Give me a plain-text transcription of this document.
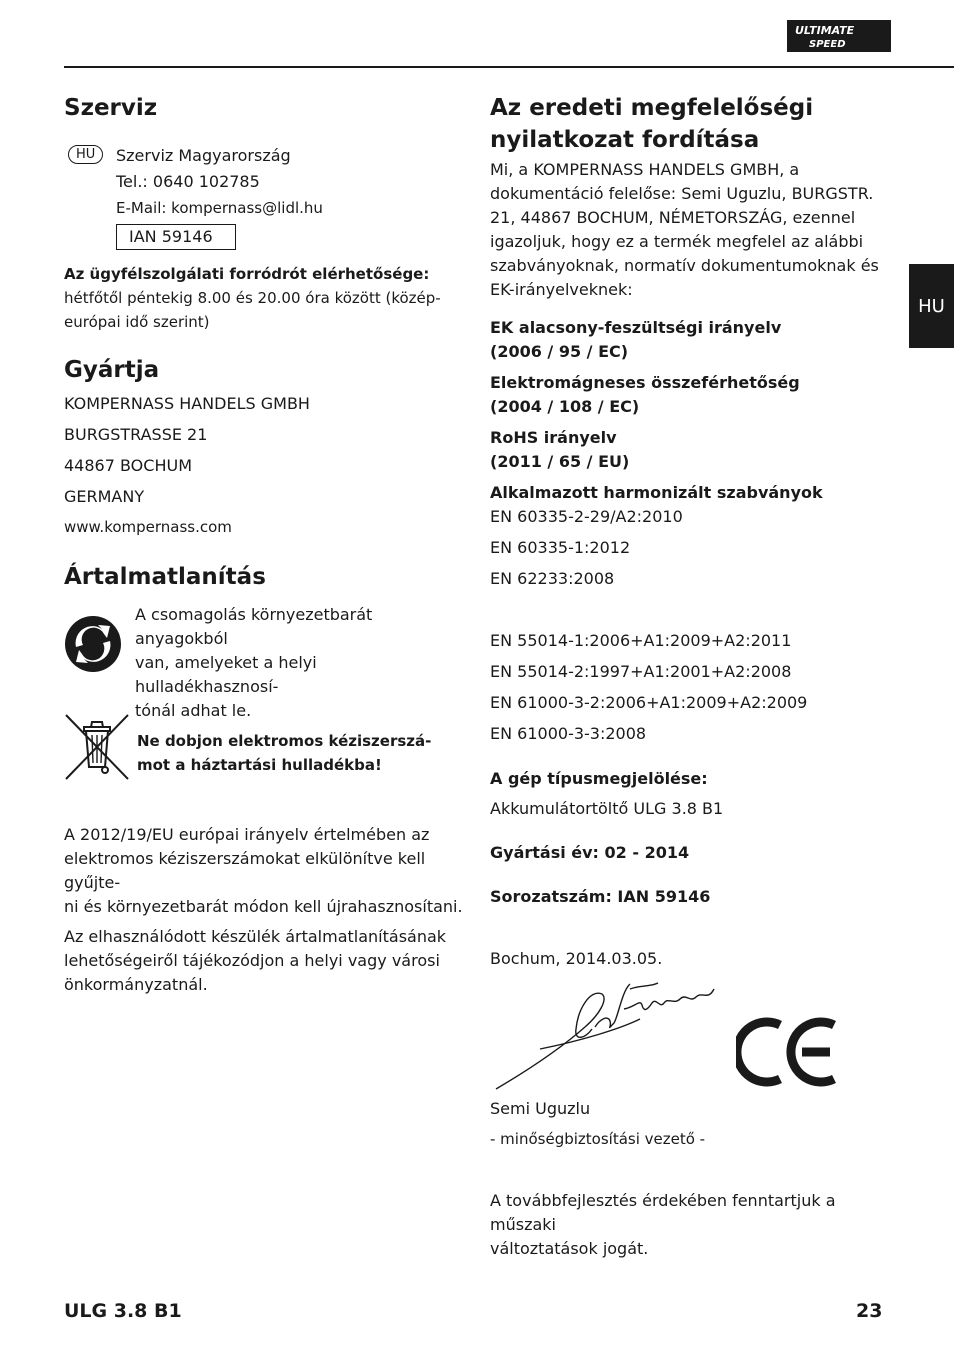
ULTIMATE
SPEED
HU
Szerviz
HU	Szerviz Magyarország

Tel.: 0640 102785

E-Mail: kompernass@lidl.hu

IAN 59146

Az ügyfélszolgálati forródrót elérhetősége:

hétfőtől péntekig 8.00 és 20.00 óra között (közép-

európai idő szerint)

Gyártja

KOMPERNASS HANDELS GMBH

BURGSTRASSE 21

44867 BOCHUM

GERMANY

www.kompernass.com

Ártalmatlanítás

A csomagolás környezetbarát anyagokból

van, amelyeket a helyi hulladékhasznosí-

tónál adhat le.

Ne dobjon elektromos kéziszerszá-

mot a háztartási hulladékba!

A 2012/19/EU európai irányelv értelmében az

elektromos kéziszerszámokat elkülönítve kell gyűjte-

ni és környezetbarát módon kell újrahasznosítani.

Az elhasználódott készülék ártalmatlanításának

lehetőségeiről tájékozódjon a helyi vagy városi

önkormányzatnál.

Az eredeti megfelelőségi
nyilatkozat fordítása

Mi, a KOMPERNASS HANDELS GMBH, a

dokumentáció felelőse: Semi Uguzlu, BURGSTR.

21, 44867 BOCHUM, NÉMETORSZÁG, ezennel

igazoljuk, hogy ez a termék megfelel az alábbi

szabványoknak, normatív dokumentumoknak és

EK-irányelveknek:

EK alacsony-feszültségi irányelv

(2006 / 95 / EC)

Elektromágneses összeférhetőség

(2004 / 108 / EC)

RoHS irányelv

(2011 / 65 / EU)

Alkalmazott harmonizált szabványok

EN 60335-2-29/A2:2010

EN 60335-1:2012

EN 62233:2008

EN 55014-1:2006+A1:2009+A2:2011

EN 55014-2:1997+A1:2001+A2:2008

EN 61000-3-2:2006+A1:2009+A2:2009

EN 61000-3-3:2008

A gép típusmegjelölése:

Akkumulátortöltő ULG 3.8 B1

Gyártási év: 02 - 2014

Sorozatszám: IAN 59146

Bochum, 2014.03.05.

Semi Uguzlu

- minőségbiztosítási vezető -

A továbbfejlesztés érdekében fenntartjuk a műszaki

változtatások jogát.

ULG 3.8 B1	23
